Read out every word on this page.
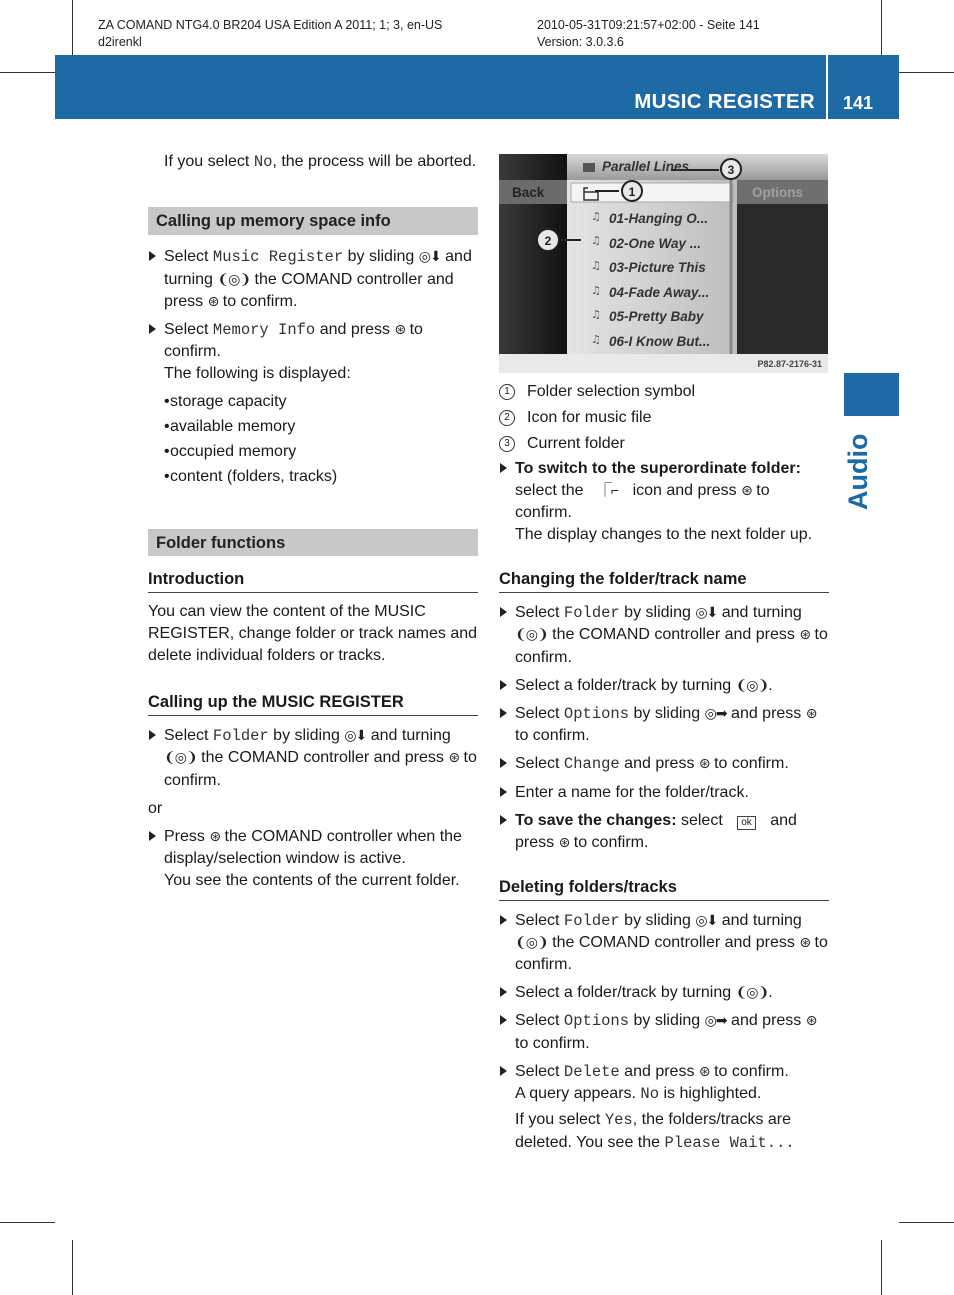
ZA COMAND NTG4.0 BR204 USA Edition A 2011; 1; 3, en-US
d2irenkl
2010-05-31T09:21:57+02:00 - Seite 141
Version: 3.0.3.6
MUSIC REGISTER 141
Audio

If you select No, the process will be aborted.

Calling up memory space info
Select Music Register by sliding ◎⬇ and turning ❨◎❩ the COMAND controller and press ⊛ to confirm.
Select Memory Info and press ⊛ to confirm.
The following is displayed:
• storage capacity
• available memory
• occupied memory
• content (folders, tracks)
Folder functions
Introduction

You can view the content of the MUSIC REGISTER, change folder or track names and delete individual folders or tracks.

Calling up the MUSIC REGISTER
Select Folder by sliding ◎⬇ and turning ❨◎❩ the COMAND controller and press ⊛ to confirm.
or
Press ⊛ the COMAND controller when the display/selection window is active.
You see the contents of the current folder.
♫
♫
♫
♫
♫
♫
Parallel Lines
Back	Options
01-Hanging O...
02-One Way ...
03-Picture This
04-Fade Away...
05-Pretty Baby
06-I Know But...
1
2
3
P82.87-2176-31
1	Folder selection symbol
2	Icon for music file
3	Current folder
To switch to the superordinate folder: select the ⎾⌐ icon and press ⊛ to confirm.
The display changes to the next folder up.
Changing the folder/track name
Select Folder by sliding ◎⬇ and turning ❨◎❩ the COMAND controller and press ⊛ to confirm.
Select a folder/track by turning ❨◎❩.
Select Options by sliding ◎➡ and press ⊛ to confirm.
Select Change and press ⊛ to confirm.
Enter a name for the folder/track.
To save the changes: select ok and press ⊛ to confirm.
Deleting folders/tracks
Select Folder by sliding ◎⬇ and turning ❨◎❩ the COMAND controller and press ⊛ to confirm.
Select a folder/track by turning ❨◎❩.
Select Options by sliding ◎➡ and press ⊛ to confirm.
Select Delete and press ⊛ to confirm.
A query appears. No is highlighted.
If you select Yes, the folders/tracks are deleted. You see the Please Wait...
